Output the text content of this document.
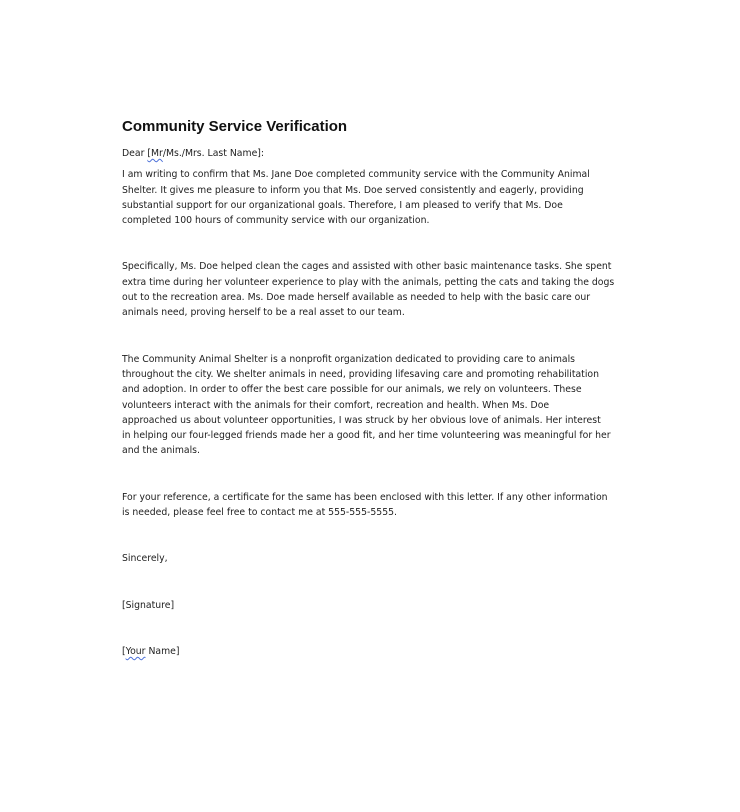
Community Service Verification

Dear [Mr/Ms./Mrs. Last Name]:

I am writing to confirm that Ms. Jane Doe completed community service with the Community Animal
Shelter. It gives me pleasure to inform you that Ms. Doe served consistently and eagerly, providing
substantial support for our organizational goals. Therefore, I am pleased to verify that Ms. Doe
completed 100 hours of community service with our organization.

Specifically, Ms. Doe helped clean the cages and assisted with other basic maintenance tasks. She spent
extra time during her volunteer experience to play with the animals, petting the cats and taking the dogs
out to the recreation area. Ms. Doe made herself available as needed to help with the basic care our
animals need, proving herself to be a real asset to our team.

The Community Animal Shelter is a nonprofit organization dedicated to providing care to animals
throughout the city. We shelter animals in need, providing lifesaving care and promoting rehabilitation
and adoption. In order to offer the best care possible for our animals, we rely on volunteers. These
volunteers interact with the animals for their comfort, recreation and health. When Ms. Doe
approached us about volunteer opportunities, I was struck by her obvious love of animals. Her interest
in helping our four-legged friends made her a good fit, and her time volunteering was meaningful for her
and the animals.

For your reference, a certificate for the same has been enclosed with this letter. If any other information
is needed, please feel free to contact me at 555-555-5555.

Sincerely,

[Signature]

[Your Name]
